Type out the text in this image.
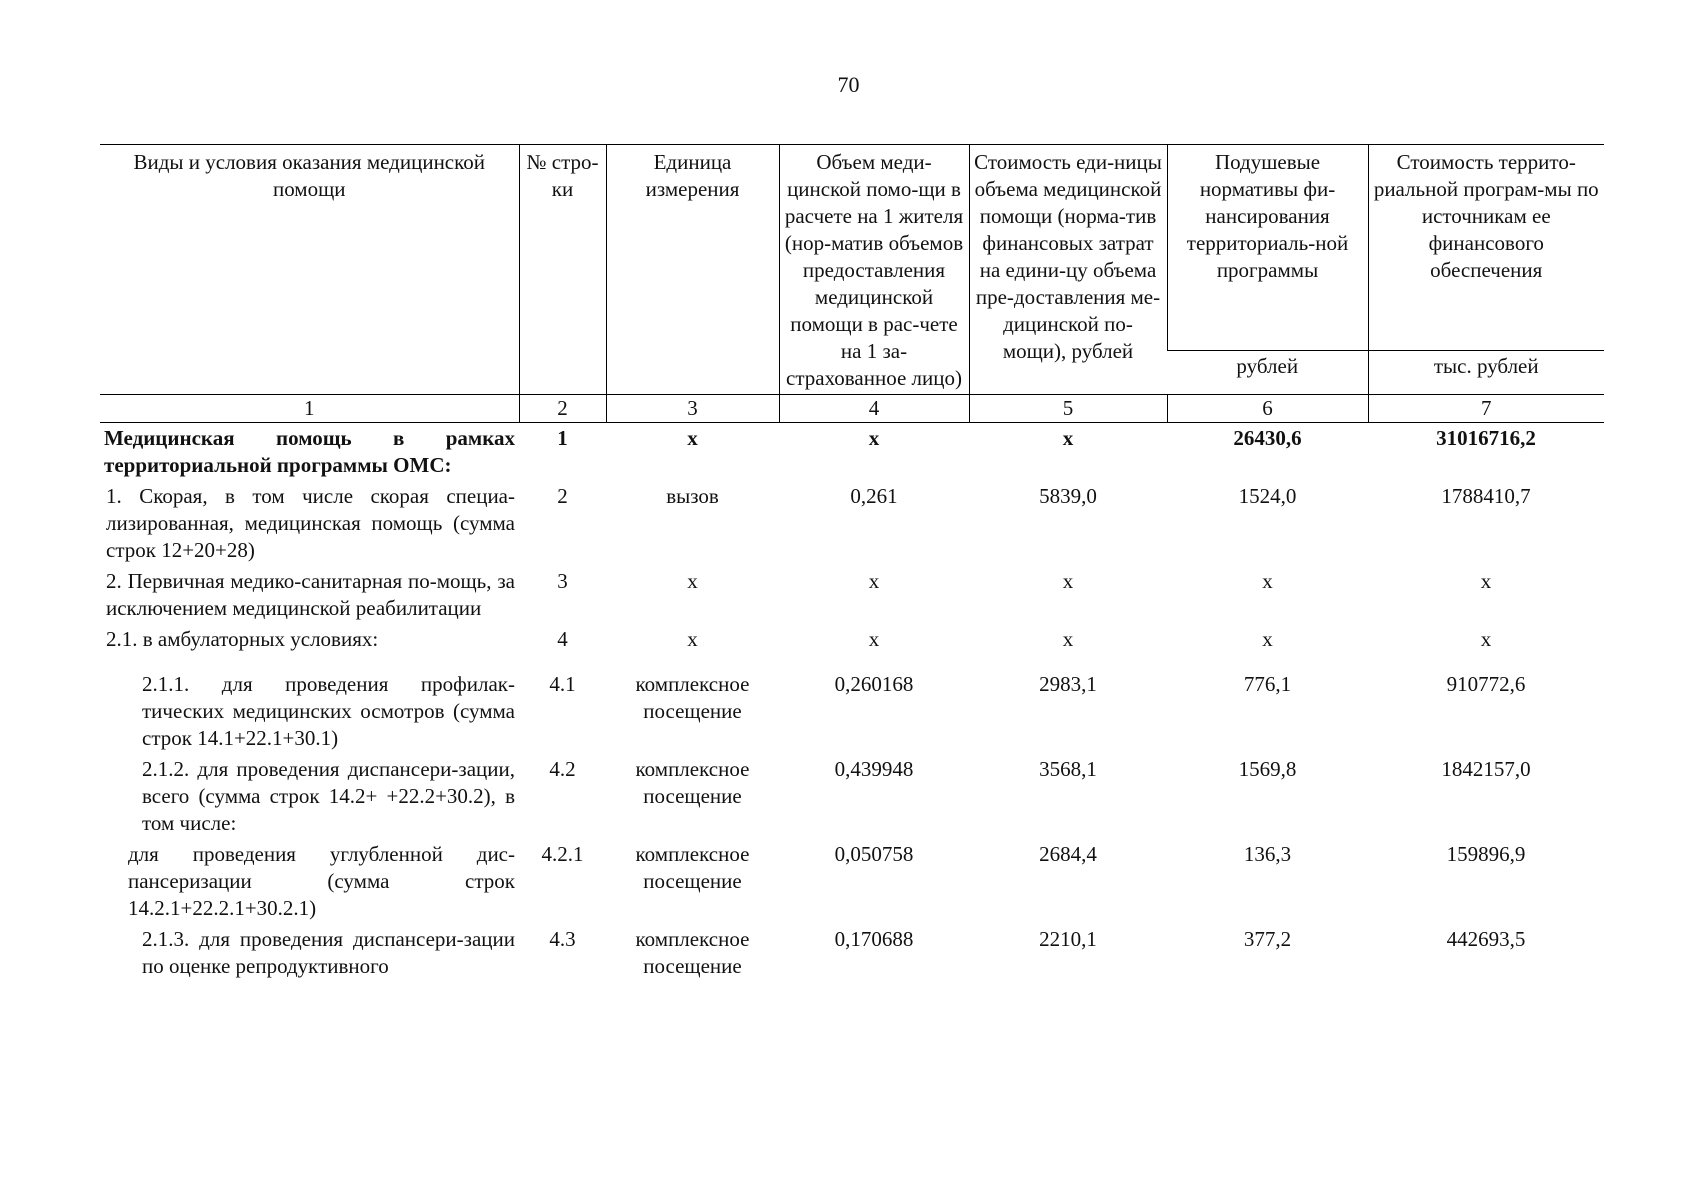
70
Виды и условия оказания медицинской помощи	№ стро-ки	Единица измерения	Объем меди-цинской помо-щи в расчете на 1 жителя (нор-матив объемов предоставления медицинской помощи в рас-чете на 1 за-страхованное лицо)	Стоимость еди-ницы объема медицинской помощи (норма-тив финансовых затрат на едини-цу объема пре-доставления ме-дицинской по-мощи), рублей	Подушевые нормативы фи-нансирования территориаль-ной программы	Стоимость террито-риальной програм-мы по источникам ее финансового обеспечения
					рублей	тыс. рублей
1	2	3	4	5	6	7
Медицинская помощь в рамках территориальной программы ОМС:	1	х	х	х	26430,6	31016716,2
1. Скорая, в том числе скорая специа-лизированная, медицинская помощь (сумма строк 12+20+28)	2	вызов	0,261	5839,0	1524,0	1788410,7
2. Первичная медико-санитарная по-мощь, за исключением медицинской реабилитации	3	х	х	х	х	х
2.1. в амбулаторных условиях:	4	х	х	х	х	х
2.1.1. для проведения профилак-тических медицинских осмотров (сумма строк 14.1+22.1+30.1)	4.1	комплексное посещение	0,260168	2983,1	776,1	910772,6
2.1.2. для проведения диспансери-зации, всего (сумма строк 14.2+ +22.2+30.2), в том числе:	4.2	комплексное посещение	0,439948	3568,1	1569,8	1842157,0
для проведения углубленной дис-пансеризации (сумма строк 14.2.1+22.2.1+30.2.1)	4.2.1	комплексное посещение	0,050758	2684,4	136,3	159896,9
2.1.3. для проведения диспансери-зации по оценке репродуктивного	4.3	комплексное посещение	0,170688	2210,1	377,2	442693,5
